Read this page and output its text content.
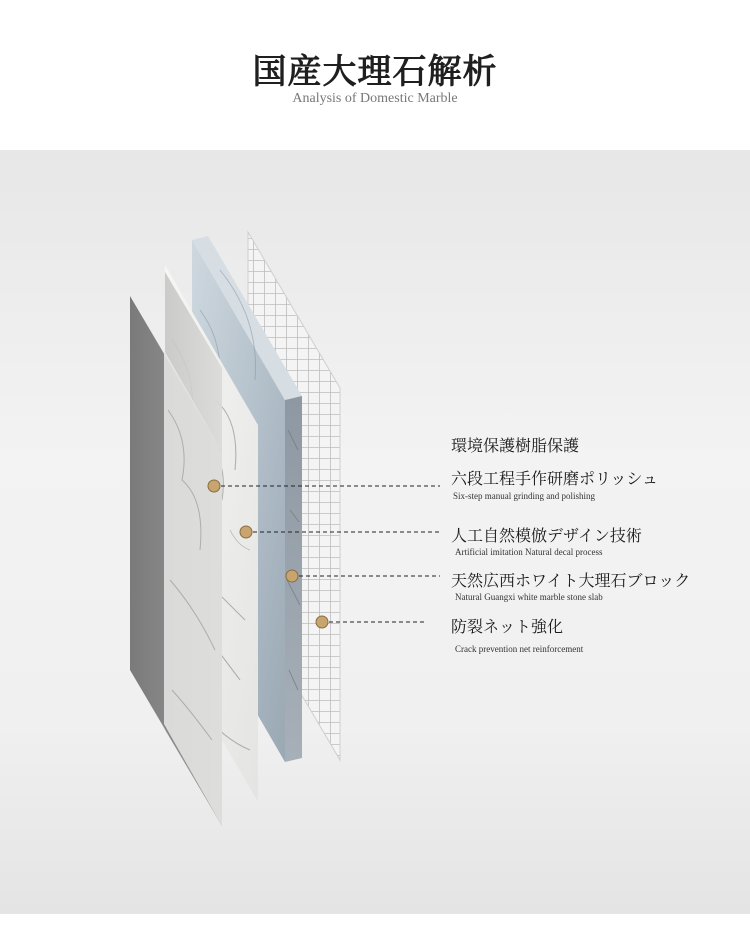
国産大理石解析
Analysis of Domestic Marble
環境保護樹脂保護
六段工程手作研磨ポリッシュ
Six-step manual grinding and polishing
人工自然模倣デザイン技術
Artificial imitation Natural decal process
天然広西ホワイト大理石ブロック
Natural Guangxi white marble stone slab
防裂ネット強化
Crack prevention net reinforcement
